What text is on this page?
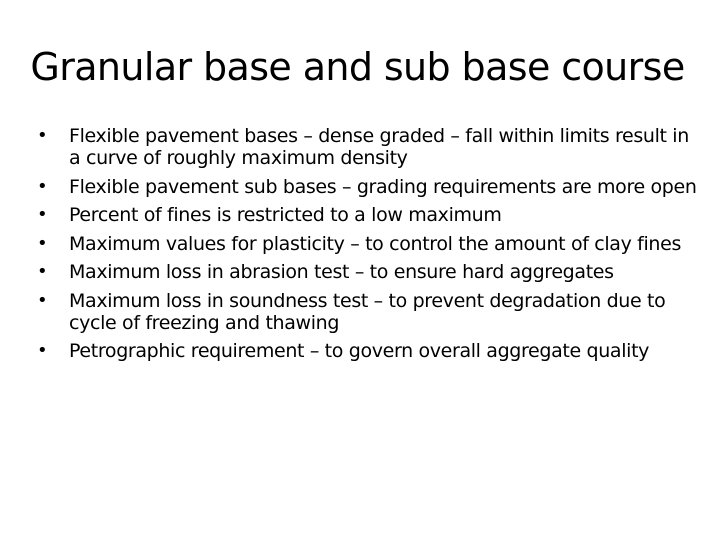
Granular base and sub base course
• Flexible pavement bases – dense graded – fall within limits result in a curve of roughly maximum density
• Flexible pavement sub bases – grading requirements are more open
• Percent of fines is restricted to a low maximum
• Maximum values for plasticity – to control the amount of clay fines
• Maximum loss in abrasion test – to ensure hard aggregates
• Maximum loss in soundness test – to prevent degradation due to cycle of freezing and thawing
• Petrographic requirement – to govern overall aggregate quality
